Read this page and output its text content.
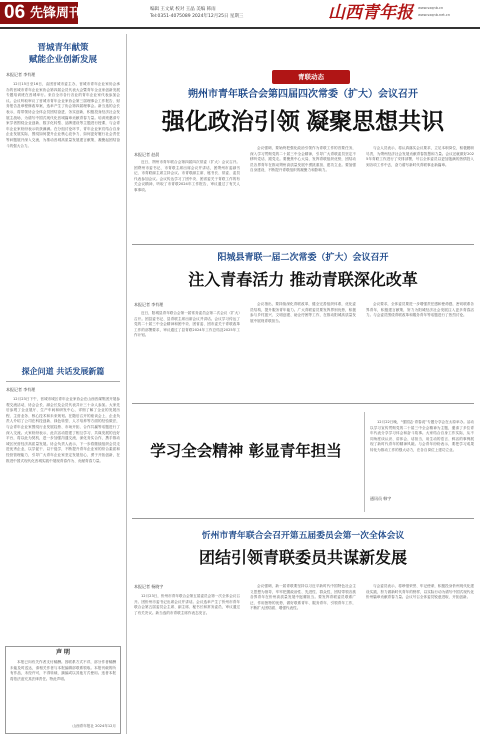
06 先锋周刊	编辑 王文斌 校对 王晶 美编 韩雨
Tel:0351-4075089 2024年12月25日 星期三	山西青年报 www.sxqnb.cn
www.sxqnb.net.cn
晋城青年献策
赋能企业创新发展
本报记者 李有理
12月15日至16日，由团晋城市委主办，晋城市青年企业家协会承办的晋城市青年企业家协会第四届会员代表大会暨青年企业家创新发展专题培训班在晋城举行。来自全市各行各业的青年企业家代表参加会议。会议听取审议了晋城市青年企业家协会第三届理事会工作报告、财务报告及章程修改草案，选举产生了协会第四届理事会。新当选的会长表示，将带领协会全体会员团结奋进、务实创新，积极投身经济社会发展主战场，为谱写中国式现代化晋城篇章贡献青春力量。培训班邀请专家学者围绕企业创新、数字化转型、品牌建设等主题进行授课，与会青年企业家纷纷表示收获满满。在分组讨论环节，青年企业家们结合自身企业发展实际，围绕如何提升企业核心竞争力、如何更好履行社会责任等问题展开深入交流，为推动晋城高质量发展建言献策，凝聚起团结奋斗的强大合力。
探企问道 共话发展新篇
本报记者 李有理
12月23日下午，晋城市城区青年企业家协会在山西晋煤集团开展参观交流活动，协会会长、副会长及会员代表共计三十余人参加。大家先后参观了企业展厅、生产车间和研发中心，详细了解了企业的发展历程、主营业务、核心技术和未来规划。在随后召开的座谈会上，企业负责人介绍了公司在科技创新、绿色转型、人才培养等方面的经验做法，与会青年企业家围绕行业发展趋势、市场开拓、合作共赢等话题进行了深入交流。大家纷纷表示，此次活动搭建了相互学习、共谋发展的良好平台，将以此为契机，进一步加强沟通交流，深化务实合作，携手推动城区民营经济高质量发展。协会负责人表示，下一步将继续组织会员走进优秀企业，以学促干、以干促学，不断提升青年企业家的综合素质和经营管理能力，引导广大青年企业家坚定发展信心，勇于开拓创新，在推进中国式现代化晋城实践中展现青春作为、贡献青春力量。
声 明
本报已向有关作者支付稿酬。因联系方式不详，部分作者稿酬未能及时送达，请相关作者与本报编辑部联系领取。本报刊载的所有作品，未经许可，不得转载、摘编或以其他方式使用。违者本报将依法追究其法律责任。特此声明。
山西青年报社 2024年12月
青联动态
朔州市青年联合会第四届四次常委（扩大）会议召开
强化政治引领 凝聚思想共识
本报记者 赵晨
近日，朔州市青年联合会第四届四次常委（扩大）会议召开。团朔州市委书记、市青联主席出席会议并讲话，团朔州市委副书记、市青联副主席主持会议。市青联副主席、秘书长、常委、委员代表参加会议。会议传达学习了团中央、团省委关于青联工作的有关会议精神，听取了市青联2024年工作报告，审议通过了有关人事事项。
会议强调，要始终把强化政治引领作为青联工作的首要任务，深入学习贯彻党的二十届三中全会精神，引导广大青联委员坚定不移听党话、跟党走。要聚焦中心大局，发挥青联组织优势，团结动员各界青年在推动朔州高质量发展中勇挑重担、建功立业。要加强自身建设，不断提升青联组织的凝聚力和影响力。
与会人员表示，将认真落实会议要求，立足本职岗位，积极履职尽责，为朔州经济社会发展贡献青春智慧和力量。会议还就做好2025年青联工作进行了安排部署，号召全体委员以更加饱满的热情投入到各项工作中去，奋力谱写新时代青联事业新篇章。
阳城县青联一届二次常委（扩大）会议召开
注入青春活力 推动青联深化改革
本报记者 李有理
近日，阳城县青年联合会第一届常务委员会第二次会议（扩大）召开。团县委书记、县青联主席出席会议并讲话。会议学习传达了党的二十届三中全会精神和团中央、团省委、团市委关于青联改革工作的部署要求，审议通过了县青联2024年工作总结及2025年工作计划。
会议指出，要持续深化青联改革，健全完善组织体系，优化委员结构，提升服务青年能力。广大青联委员要发挥界别优势，积极参与乡村振兴、文明创建、助企纾困等工作，在推动阳城高质量发展中展现青联担当。
会议要求，全体委员要进一步增强责任感和使命感，密切联系各界青年，积极建言献策，努力为阳城经济社会发展注入更多青春活力。与会委员围绕青联改革和服务青年等话题进行了热烈讨论。
学习全会精神 彰显青年担当
通讯员 韩宇
12月22日晚，“强国志·青春说”专题分享会在太原举办。活动以学习宣传贯彻党的二十届三中全会精神为主题，邀请了多位青年代表分享学习体会和奋斗故事。大家结合自身工作实际，从不同角度谈认识、讲体会、话担当，用生动的语言、鲜活的事例展现了新时代青年的精神风貌。与会青年纷纷表示，要把学习成果转化为推动工作的强大动力，在各自岗位上建功立业。
忻州市青年联合会召开第五届委员会第一次全体会议
团结引领青联委员共谋新发展
本报记者 杨晓宇
12月23日，忻州市青年联合会第五届委员会第一次全体会议召开。团忻州市委书记出席会议并讲话。会议选举产生了忻州市青年联合会第五届委员会主席、副主席、秘书长和常务委员，审议通过了有关决议。新当选的市青联主席作表态发言。
会议强调，新一届青联要坚持以习近平新时代中国特色社会主义思想为指导，牢牢把握政治性、先进性、群众性，团结带领各族各界青年在忻州高质量发展中挺膺担当。要发挥青联委员联系广泛、作用独特的优势，做好联系青年、服务青年、引领青年工作，不断扩大团结面、增强代表性。
与会委员表示，将珍惜荣誉、牢记使命，积极投身忻州现代化建设实践，努力做新时代青年的榜样，以实际行动为谱写中国式现代化忻州篇章贡献青春力量。会议号召全体委员锐意进取、开拓创新。
